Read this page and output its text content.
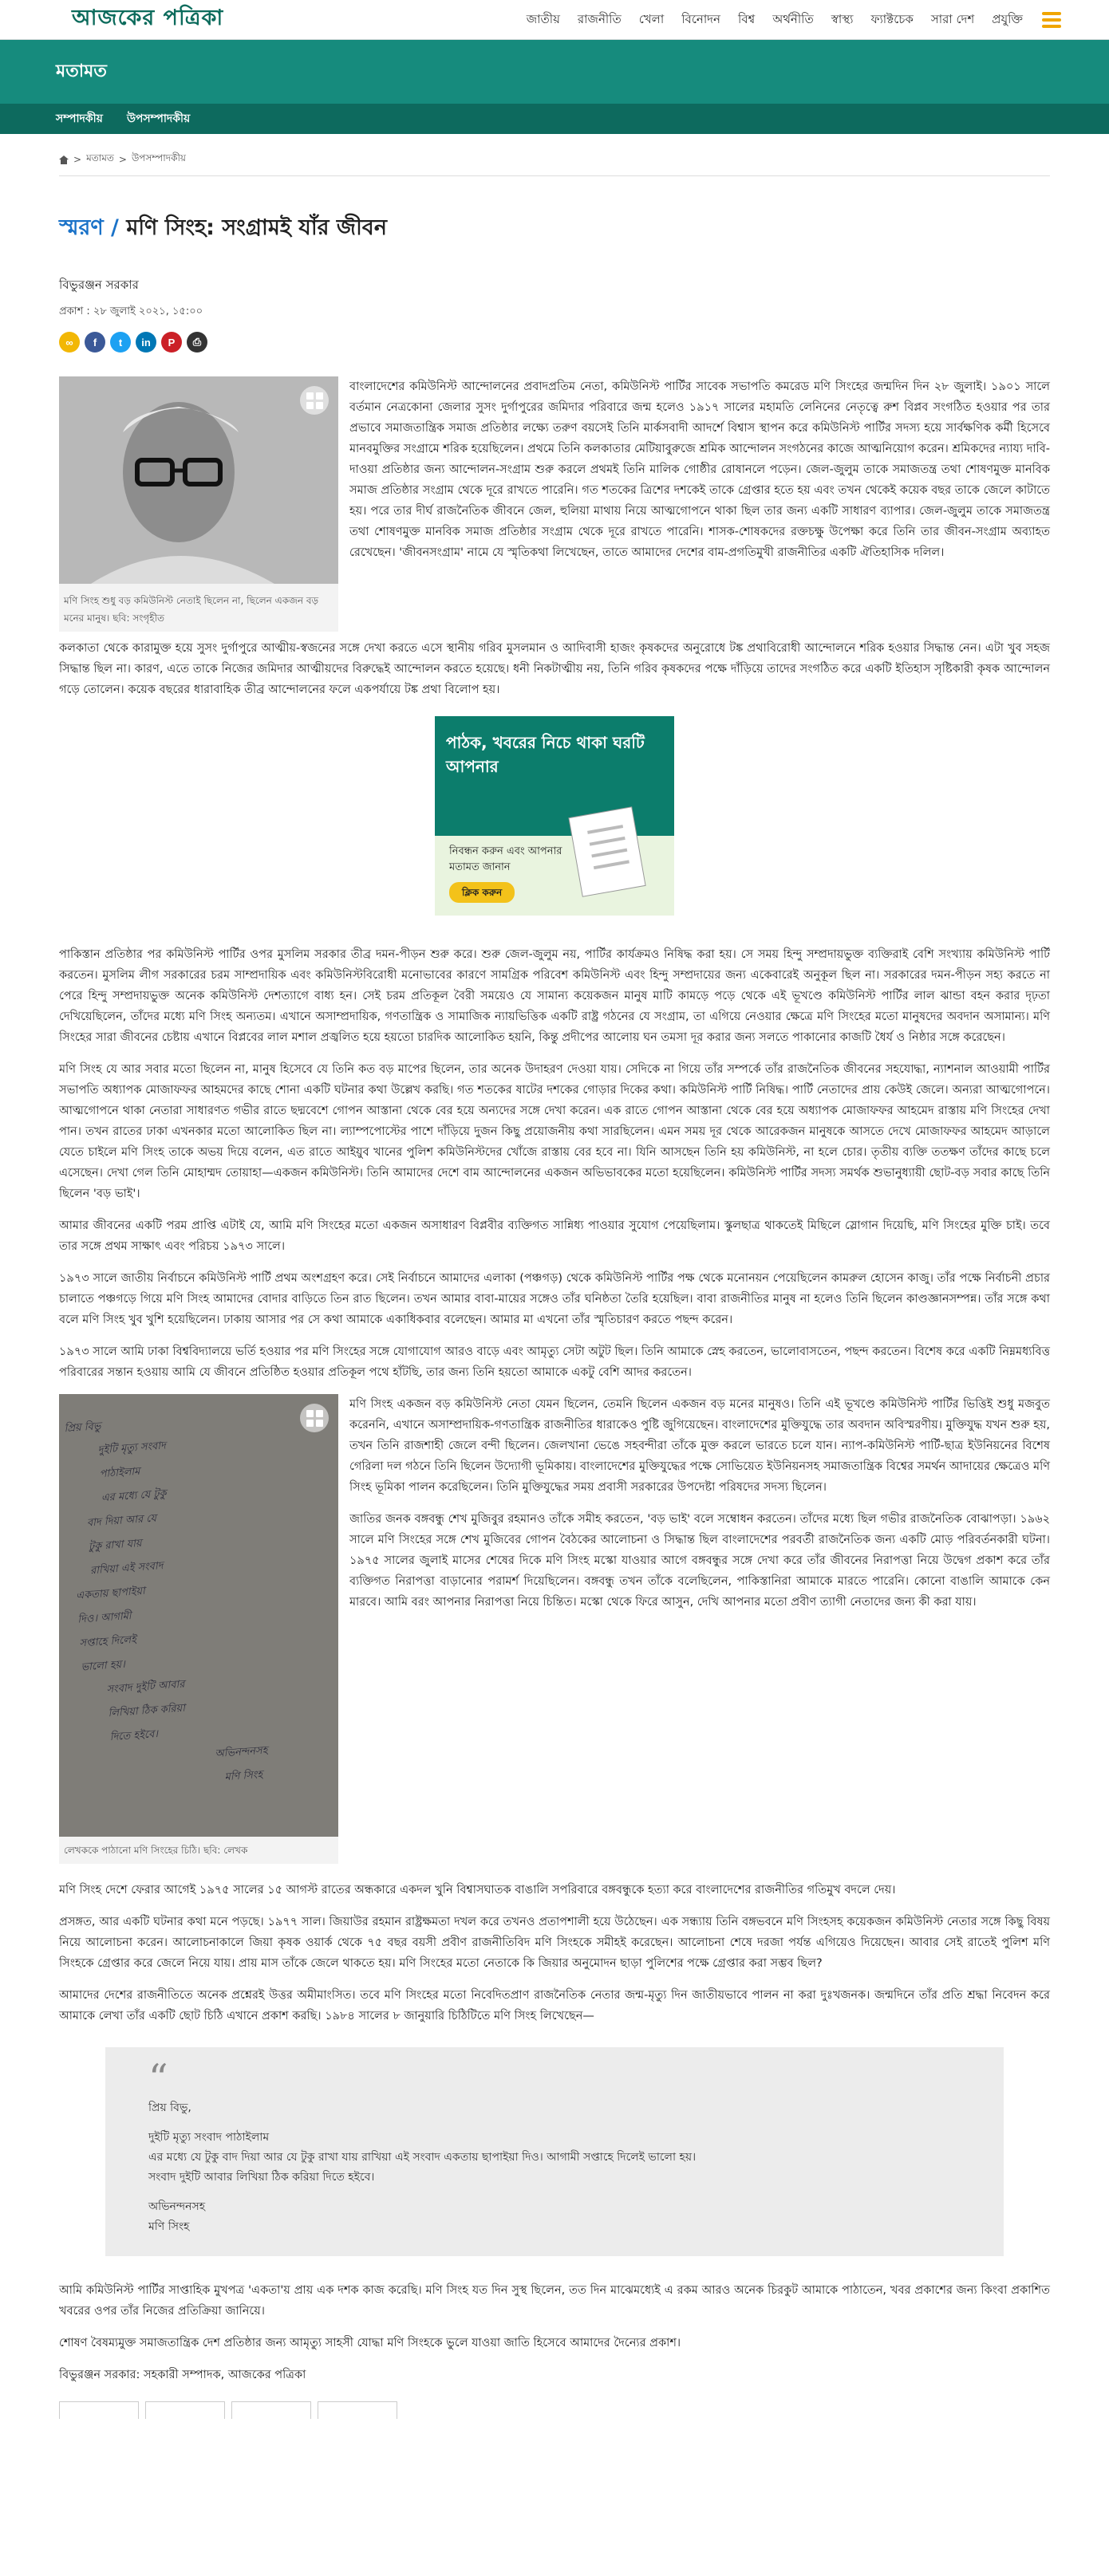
আজকের পত্রিকা	জাতীয় রাজনীতি খেলা বিনোদন বিশ্ব অর্থনীতি স্বাস্থ্য ফ্যাক্টচেক সারা দেশ প্রযুক্তি
মতামত
সম্পাদকীয় উপসম্পাদকীয়
> মতামত > উপসম্পাদকীয়
স্মরণ / মণি সিংহ: সংগ্রামই যাঁর জীবন
বিভুরঞ্জন সরকার
প্রকাশ : ২৮ জুলাই ২০২১, ১৫:০০
∞	f	t	in	P	⎙
মণি সিংহ শুধু বড় কমিউনিস্ট নেতাই ছিলেন না, ছিলেন একজন বড় মনের মানুষ। ছবি: সংগৃহীত

বাংলাদেশের কমিউনিস্ট আন্দোলনের প্রবাদপ্রতিম নেতা, কমিউনিস্ট পার্টির সাবেক সভাপতি কমরেড মণি সিংহের জন্মদিন দিন ২৮ জুলাই। ১৯০১ সালে বর্তমান নেত্রকোনা জেলার সুসং দুর্গাপুরের জমিদার পরিবারে জন্ম হলেও ১৯১৭ সালের মহামতি লেনিনের নেতৃত্বে রুশ বিপ্লব সংগঠিত হওয়ার পর তার প্রভাবে সমাজতান্ত্রিক সমাজ প্রতিষ্ঠার লক্ষ্যে তরুণ বয়সেই তিনি মার্কসবাদী আদর্শে বিশ্বাস স্থাপন করে কমিউনিস্ট পার্টির সদস্য হয়ে সার্বক্ষণিক কর্মী হিসেবে মানবমুক্তির সংগ্রামে শরিক হয়েছিলেন। প্রথমে তিনি কলকাতার মেটিয়াবুরুজে শ্রমিক আন্দোলন সংগঠনের কাজে আত্মনিয়োগ করেন। শ্রমিকদের ন্যায্য দাবি-দাওয়া প্রতিষ্ঠার জন্য আন্দোলন-সংগ্রাম শুরু করলে প্রথমই তিনি মালিক গোষ্ঠীর রোষানলে পড়েন। জেল-জুলুম তাকে সমাজতন্ত্র তথা শোষণমুক্ত মানবিক সমাজ প্রতিষ্ঠার সংগ্রাম থেকে দূরে রাখতে পারেনি। গত শতকের ত্রিশের দশকেই তাকে গ্রেপ্তার হতে হয় এবং তখন থেকেই কয়েক বছর তাকে জেলে কাটাতে হয়। পরে তার দীর্ঘ রাজনৈতিক জীবনে জেল, হুলিয়া মাথায় নিয়ে আত্মগোপনে থাকা ছিল তার জন্য একটি সাধারণ ব্যাপার। জেল-জুলুম তাকে সমাজতন্ত্র তথা শোষণমুক্ত মানবিক সমাজ প্রতিষ্ঠার সংগ্রাম থেকে দূরে রাখতে পারেনি। শাসক-শোষকদের রক্তচক্ষু উপেক্ষা করে তিনি তার জীবন-সংগ্রাম অব্যাহত রেখেছেন। 'জীবনসংগ্রাম' নামে যে স্মৃতিকথা লিখেছেন, তাতে আমাদের দেশের বাম-প্রগতিমুখী রাজনীতির একটি ঐতিহাসিক দলিল।

কলকাতা থেকে কারামুক্ত হয়ে সুসং দুর্গাপুরে আত্মীয়-স্বজনের সঙ্গে দেখা করতে এসে স্থানীয় গরিব মুসলমান ও আদিবাসী হাজং কৃষকদের অনুরোধে টঙ্ক প্রথাবিরোধী আন্দোলনে শরিক হওয়ার সিদ্ধান্ত নেন। এটা খুব সহজ সিদ্ধান্ত ছিল না। কারণ, এতে তাকে নিজের জমিদার আত্মীয়দের বিরুদ্ধেই আন্দোলন করতে হয়েছে। ধনী নিকটাত্মীয় নয়, তিনি গরিব কৃষকদের পক্ষে দাঁড়িয়ে তাদের সংগঠিত করে একটি ইতিহাস সৃষ্টিকারী কৃষক আন্দোলন গড়ে তোলেন। কয়েক বছরের ধারাবাহিক তীব্র আন্দোলনের ফলে একপর্যায়ে টঙ্ক প্রথা বিলোপ হয়।

পাঠক, খবরের নিচে থাকা ঘরটি আপনার
নিবন্ধন করুন এবং আপনার মতামত জানান
ক্লিক করুন

পাকিস্তান প্রতিষ্ঠার পর কমিউনিস্ট পার্টির ওপর মুসলিম সরকার তীব্র দমন-পীড়ন শুরু করে। শুরু জেল-জুলুম নয়, পার্টির কার্যক্রমও নিষিদ্ধ করা হয়। সে সময় হিন্দু সম্প্রদায়ভুক্ত ব্যক্তিরাই বেশি সংখ্যায় কমিউনিস্ট পার্টি করতেন। মুসলিম লীগ সরকারের চরম সাম্প্রদায়িক এবং কমিউনিস্টবিরোধী মনোভাবের কারণে সামগ্রিক পরিবেশ কমিউনিস্ট এবং হিন্দু সম্প্রদায়ের জন্য একেবারেই অনুকূল ছিল না। সরকারের দমন-পীড়ন সহ্য করতে না পেরে হিন্দু সম্প্রদায়ভুক্ত অনেক কমিউনিস্ট দেশত্যাগে বাধ্য হন। সেই চরম প্রতিকূল বৈরী সময়েও যে সামান্য কয়েকজন মানুষ মাটি কামড়ে পড়ে থেকে এই ভূখণ্ডে কমিউনিস্ট পার্টির লাল ঝান্ডা বহন করার দৃঢ়তা দেখিয়েছিলেন, তাঁদের মধ্যে মণি সিংহ অন্যতম। এখানে অসাম্প্রদায়িক, গণতান্ত্রিক ও সামাজিক ন্যায়ভিত্তিক একটি রাষ্ট্র গঠনের যে সংগ্রাম, তা এগিয়ে নেওয়ার ক্ষেত্রে মণি সিংহের মতো মানুষদের অবদান অসামান্য। মণি সিংহের সারা জীবনের চেষ্টায় এখানে বিপ্লবের লাল মশাল প্রজ্বলিত হয়ে হয়তো চারদিক আলোকিত হয়নি, কিন্তু প্রদীপের আলোয় ঘন তমসা দূর করার জন্য সলতে পাকানোর কাজটি ধৈর্য ও নিষ্ঠার সঙ্গে করেছেন।

মণি সিংহ যে আর সবার মতো ছিলেন না, মানুষ হিসেবে যে তিনি কত বড় মাপের ছিলেন, তার অনেক উদাহরণ দেওয়া যায়। সেদিকে না গিয়ে তাঁর সম্পর্কে তাঁর রাজনৈতিক জীবনের সহযোদ্ধা, ন্যাশনাল আওয়ামী পার্টির সভাপতি অধ্যাপক মোজাফফর আহমদের কাছে শোনা একটি ঘটনার কথা উল্লেখ করছি। গত শতকের ষাটের দশকের গোড়ার দিকের কথা। কমিউনিস্ট পার্টি নিষিদ্ধ। পার্টি নেতাদের প্রায় কেউই জেলে। অন্যরা আত্মগোপনে। আত্মগোপনে থাকা নেতারা সাধারণত গভীর রাতে ছদ্মবেশে গোপন আস্তানা থেকে বের হয়ে অন্যদের সঙ্গে দেখা করেন। এক রাতে গোপন আস্তানা থেকে বের হয়ে অধ্যাপক মোজাফফর আহমেদ রাস্তায় মণি সিংহের দেখা পান। তখন রাতের ঢাকা এখনকার মতো আলোকিত ছিল না। ল্যাম্পপোস্টের পাশে দাঁড়িয়ে দুজন কিছু প্রয়োজনীয় কথা সারছিলেন। এমন সময় দূর থেকে আরেকজন মানুষকে আসতে দেখে মোজাফফর আহমেদ আড়ালে যেতে চাইলে মণি সিংহ তাকে অভয় দিয়ে বলেন, এত রাতে আইয়ুব খানের পুলিশ কমিউনিস্টদের খোঁজে রাস্তায় বের হবে না। যিনি আসছেন তিনি হয় কমিউনিস্ট, না হলে চোর। তৃতীয় ব্যক্তি ততক্ষণ তাঁদের কাছে চলে এসেছেন। দেখা গেল তিনি মোহাম্মদ তোয়াহা—একজন কমিউনিস্ট। তিনি আমাদের দেশে বাম আন্দোলনের একজন অভিভাবকের মতো হয়েছিলেন। কমিউনিস্ট পার্টির সদস্য সমর্থক শুভানুধ্যায়ী ছোট-বড় সবার কাছে তিনি ছিলেন 'বড় ভাই'।

আমার জীবনের একটি পরম প্রাপ্তি এটাই যে, আমি মণি সিংহের মতো একজন অসাধারণ বিপ্লবীর ব্যক্তিগত সান্নিধ্য পাওয়ার সুযোগ পেয়েছিলাম। স্কুলছাত্র থাকতেই মিছিলে স্লোগান দিয়েছি, মণি সিংহের মুক্তি চাই। তবে তার সঙ্গে প্রথম সাক্ষাৎ এবং পরিচয় ১৯৭৩ সালে।

১৯৭৩ সালে জাতীয় নির্বাচনে কমিউনিস্ট পার্টি প্রথম অংশগ্রহণ করে। সেই নির্বাচনে আমাদের এলাকা (পঞ্চগড়) থেকে কমিউনিস্ট পার্টির পক্ষ থেকে মনোনয়ন পেয়েছিলেন কামরুল হোসেন কাজু। তাঁর পক্ষে নির্বাচনী প্রচার চালাতে পঞ্চগড়ে গিয়ে মণি সিংহ আমাদের বোদার বাড়িতে তিন রাত ছিলেন। তখন আমার বাবা-মায়ের সঙ্গেও তাঁর ঘনিষ্ঠতা তৈরি হয়েছিল। বাবা রাজনীতির মানুষ না হলেও তিনি ছিলেন কাণ্ডজ্ঞানসম্পন্ন। তাঁর সঙ্গে কথা বলে মণি সিংহ খুব খুশি হয়েছিলেন। ঢাকায় আসার পর সে কথা আমাকে একাধিকবার বলেছেন। আমার মা এখনো তাঁর স্মৃতিচারণ করতে পছন্দ করেন।

১৯৭৩ সালে আমি ঢাকা বিশ্ববিদ্যালয়ে ভর্তি হওয়ার পর মণি সিংহের সঙ্গে যোগাযোগ আরও বাড়ে এবং আমৃত্যু সেটা অটুট ছিল। তিনি আমাকে স্নেহ করতেন, ভালোবাসতেন, পছন্দ করতেন। বিশেষ করে একটি নিম্নমধ্যবিত্ত পরিবারের সন্তান হওয়ায় আমি যে জীবনে প্রতিষ্ঠিত হওয়ার প্রতিকূল পথে হাঁটছি, তার জন্য তিনি হয়তো আমাকে একটু বেশি আদর করতেন।

প্রিয় বিভু
দুইটি মৃত্যু সংবাদ
পাঠাইলাম
এর মধ্যে যে টুকু
বাদ দিয়া আর যে
টুকু রাখা যায়
রাখিয়া এই সংবাদ
একতায় ছাপাইয়া
দিও। আগামী
সপ্তাহে দিলেই
ভালো হয়।
সংবাদ দুইটি আবার
লিখিয়া ঠিক করিয়া
দিতে হইবে।
অভিনন্দনসহ
মণি সিংহ
লেখককে পাঠানো মণি সিংহের চিঠি। ছবি: লেখক

মণি সিংহ একজন বড় কমিউনিস্ট নেতা যেমন ছিলেন, তেমনি ছিলেন একজন বড় মনের মানুষও। তিনি এই ভূখণ্ডে কমিউনিস্ট পার্টির ভিত্তিই শুধু মজবুত করেননি, এখানে অসাম্প্রদায়িক-গণতান্ত্রিক রাজনীতির ধারাকেও পুষ্টি জুগিয়েছেন। বাংলাদেশের মুক্তিযুদ্ধে তার অবদান অবিস্মরণীয়। মুক্তিযুদ্ধ যখন শুরু হয়, তখন তিনি রাজশাহী জেলে বন্দী ছিলেন। জেলখানা ভেঙে সহবন্দীরা তাঁকে মুক্ত করলে ভারতে চলে যান। ন্যাপ-কমিউনিস্ট পার্টি-ছাত্র ইউনিয়নের বিশেষ গেরিলা দল গঠনে তিনি ছিলেন উদ্যোগী ভূমিকায়। বাংলাদেশের মুক্তিযুদ্ধের পক্ষে সোভিয়েত ইউনিয়নসহ সমাজতান্ত্রিক বিশ্বের সমর্থন আদায়ের ক্ষেত্রেও মণি সিংহ ভূমিকা পালন করেছিলেন। তিনি মুক্তিযুদ্ধের সময় প্রবাসী সরকারের উপদেষ্টা পরিষদের সদস্য ছিলেন।

জাতির জনক বঙ্গবন্ধু শেখ মুজিবুর রহমানও তাঁকে সমীহ করতেন, 'বড় ভাই' বলে সম্বোধন করতেন। তাঁদের মধ্যে ছিল গভীর রাজনৈতিক বোঝাপড়া। ১৯৬২ সালে মণি সিংহের সঙ্গে শেখ মুজিবের গোপন বৈঠকের আলোচনা ও সিদ্ধান্ত ছিল বাংলাদেশের পরবর্তী রাজনৈতিক জন্য একটি মোড় পরিবর্তনকারী ঘটনা। ১৯৭৫ সালের জুলাই মাসের শেষের দিকে মণি সিংহ মস্কো যাওয়ার আগে বঙ্গবন্ধুর সঙ্গে দেখা করে তাঁর জীবনের নিরাপত্তা নিয়ে উদ্বেগ প্রকাশ করে তাঁর ব্যক্তিগত নিরাপত্তা বাড়ানোর পরামর্শ দিয়েছিলেন। বঙ্গবন্ধু তখন তাঁকে বলেছিলেন, পাকিস্তানিরা আমাকে মারতে পারেনি। কোনো বাঙালি আমাকে কেন মারবে। আমি বরং আপনার নিরাপত্তা নিয়ে চিন্তিত। মস্কো থেকে ফিরে আসুন, দেখি আপনার মতো প্রবীণ ত্যাগী নেতাদের জন্য কী করা যায়।

মণি সিংহ দেশে ফেরার আগেই ১৯৭৫ সালের ১৫ আগস্ট রাতের অন্ধকারে একদল খুনি বিশ্বাসঘাতক বাঙালি সপরিবারে বঙ্গবন্ধুকে হত্যা করে বাংলাদেশের রাজনীতির গতিমুখ বদলে দেয়।

প্রসঙ্গত, আর একটি ঘটনার কথা মনে পড়ছে। ১৯৭৭ সাল। জিয়াউর রহমান রাষ্ট্রক্ষমতা দখল করে তখনও প্রতাপশালী হয়ে উঠেছেন। এক সন্ধ্যায় তিনি বঙ্গভবনে মণি সিংহসহ কয়েকজন কমিউনিস্ট নেতার সঙ্গে কিছু বিষয় নিয়ে আলোচনা করেন। আলোচনাকালে জিয়া কৃষক ওয়ার্ক থেকে ৭৫ বছর বয়সী প্রবীণ রাজনীতিবিদ মণি সিংহকে সমীহই করেছেন। আলোচনা শেষে দরজা পর্যন্ত এগিয়েও দিয়েছেন। আবার সেই রাতেই পুলিশ মণি সিংহকে গ্রেপ্তার করে জেলে নিয়ে যায়। প্রায় মাস তাঁকে জেলে থাকতে হয়। মণি সিংহের মতো নেতাকে কি জিয়ার অনুমোদন ছাড়া পুলিশের পক্ষে গ্রেপ্তার করা সম্ভব ছিল?

আমাদের দেশের রাজনীতিতে অনেক প্রশ্নেরই উত্তর অমীমাংসিত। তবে মণি সিংহের মতো নিবেদিতপ্রাণ রাজনৈতিক নেতার জন্ম-মৃত্যু দিন জাতীয়ভাবে পালন না করা দুঃখজনক। জন্মদিনে তাঁর প্রতি শ্রদ্ধা নিবেদন করে আমাকে লেখা তাঁর একটি ছোট চিঠি এখানে প্রকাশ করছি। ১৯৮৪ সালের ৮ জানুয়ারি চিঠিটিতে মণি সিংহ লিখেছেন—

“
প্রিয় বিভু,
দুইটি মৃত্যু সংবাদ পাঠাইলাম
এর মধ্যে যে টুকু বাদ দিয়া আর যে টুকু রাখা যায় রাখিয়া এই সংবাদ একতায় ছাপাইয়া দিও। আগামী সপ্তাহে দিলেই ভালো হয়।
সংবাদ দুইটি আবার লিখিয়া ঠিক করিয়া দিতে হইবে।
অভিনন্দনসহ
মণি সিংহ

আমি কমিউনিস্ট পার্টির সাপ্তাহিক মুখপত্র 'একতা'য় প্রায় এক দশক কাজ করেছি। মণি সিংহ যত দিন সুস্থ ছিলেন, তত দিন মাঝেমধ্যেই এ রকম আরও অনেক চিরকুট আমাকে পাঠাতেন, খবর প্রকাশের জন্য কিংবা প্রকাশিত খবরের ওপর তাঁর নিজের প্রতিক্রিয়া জানিয়ে।

শোষণ বৈষম্যমুক্ত সমাজতান্ত্রিক দেশ প্রতিষ্ঠার জন্য আমৃত্যু সাহসী যোদ্ধা মণি সিংহকে ভুলে যাওয়া জাতি হিসেবে আমাদের দৈন্যের প্রকাশ।

বিভুরঞ্জন সরকার: সহকারী সম্পাদক, আজকের পত্রিকা
